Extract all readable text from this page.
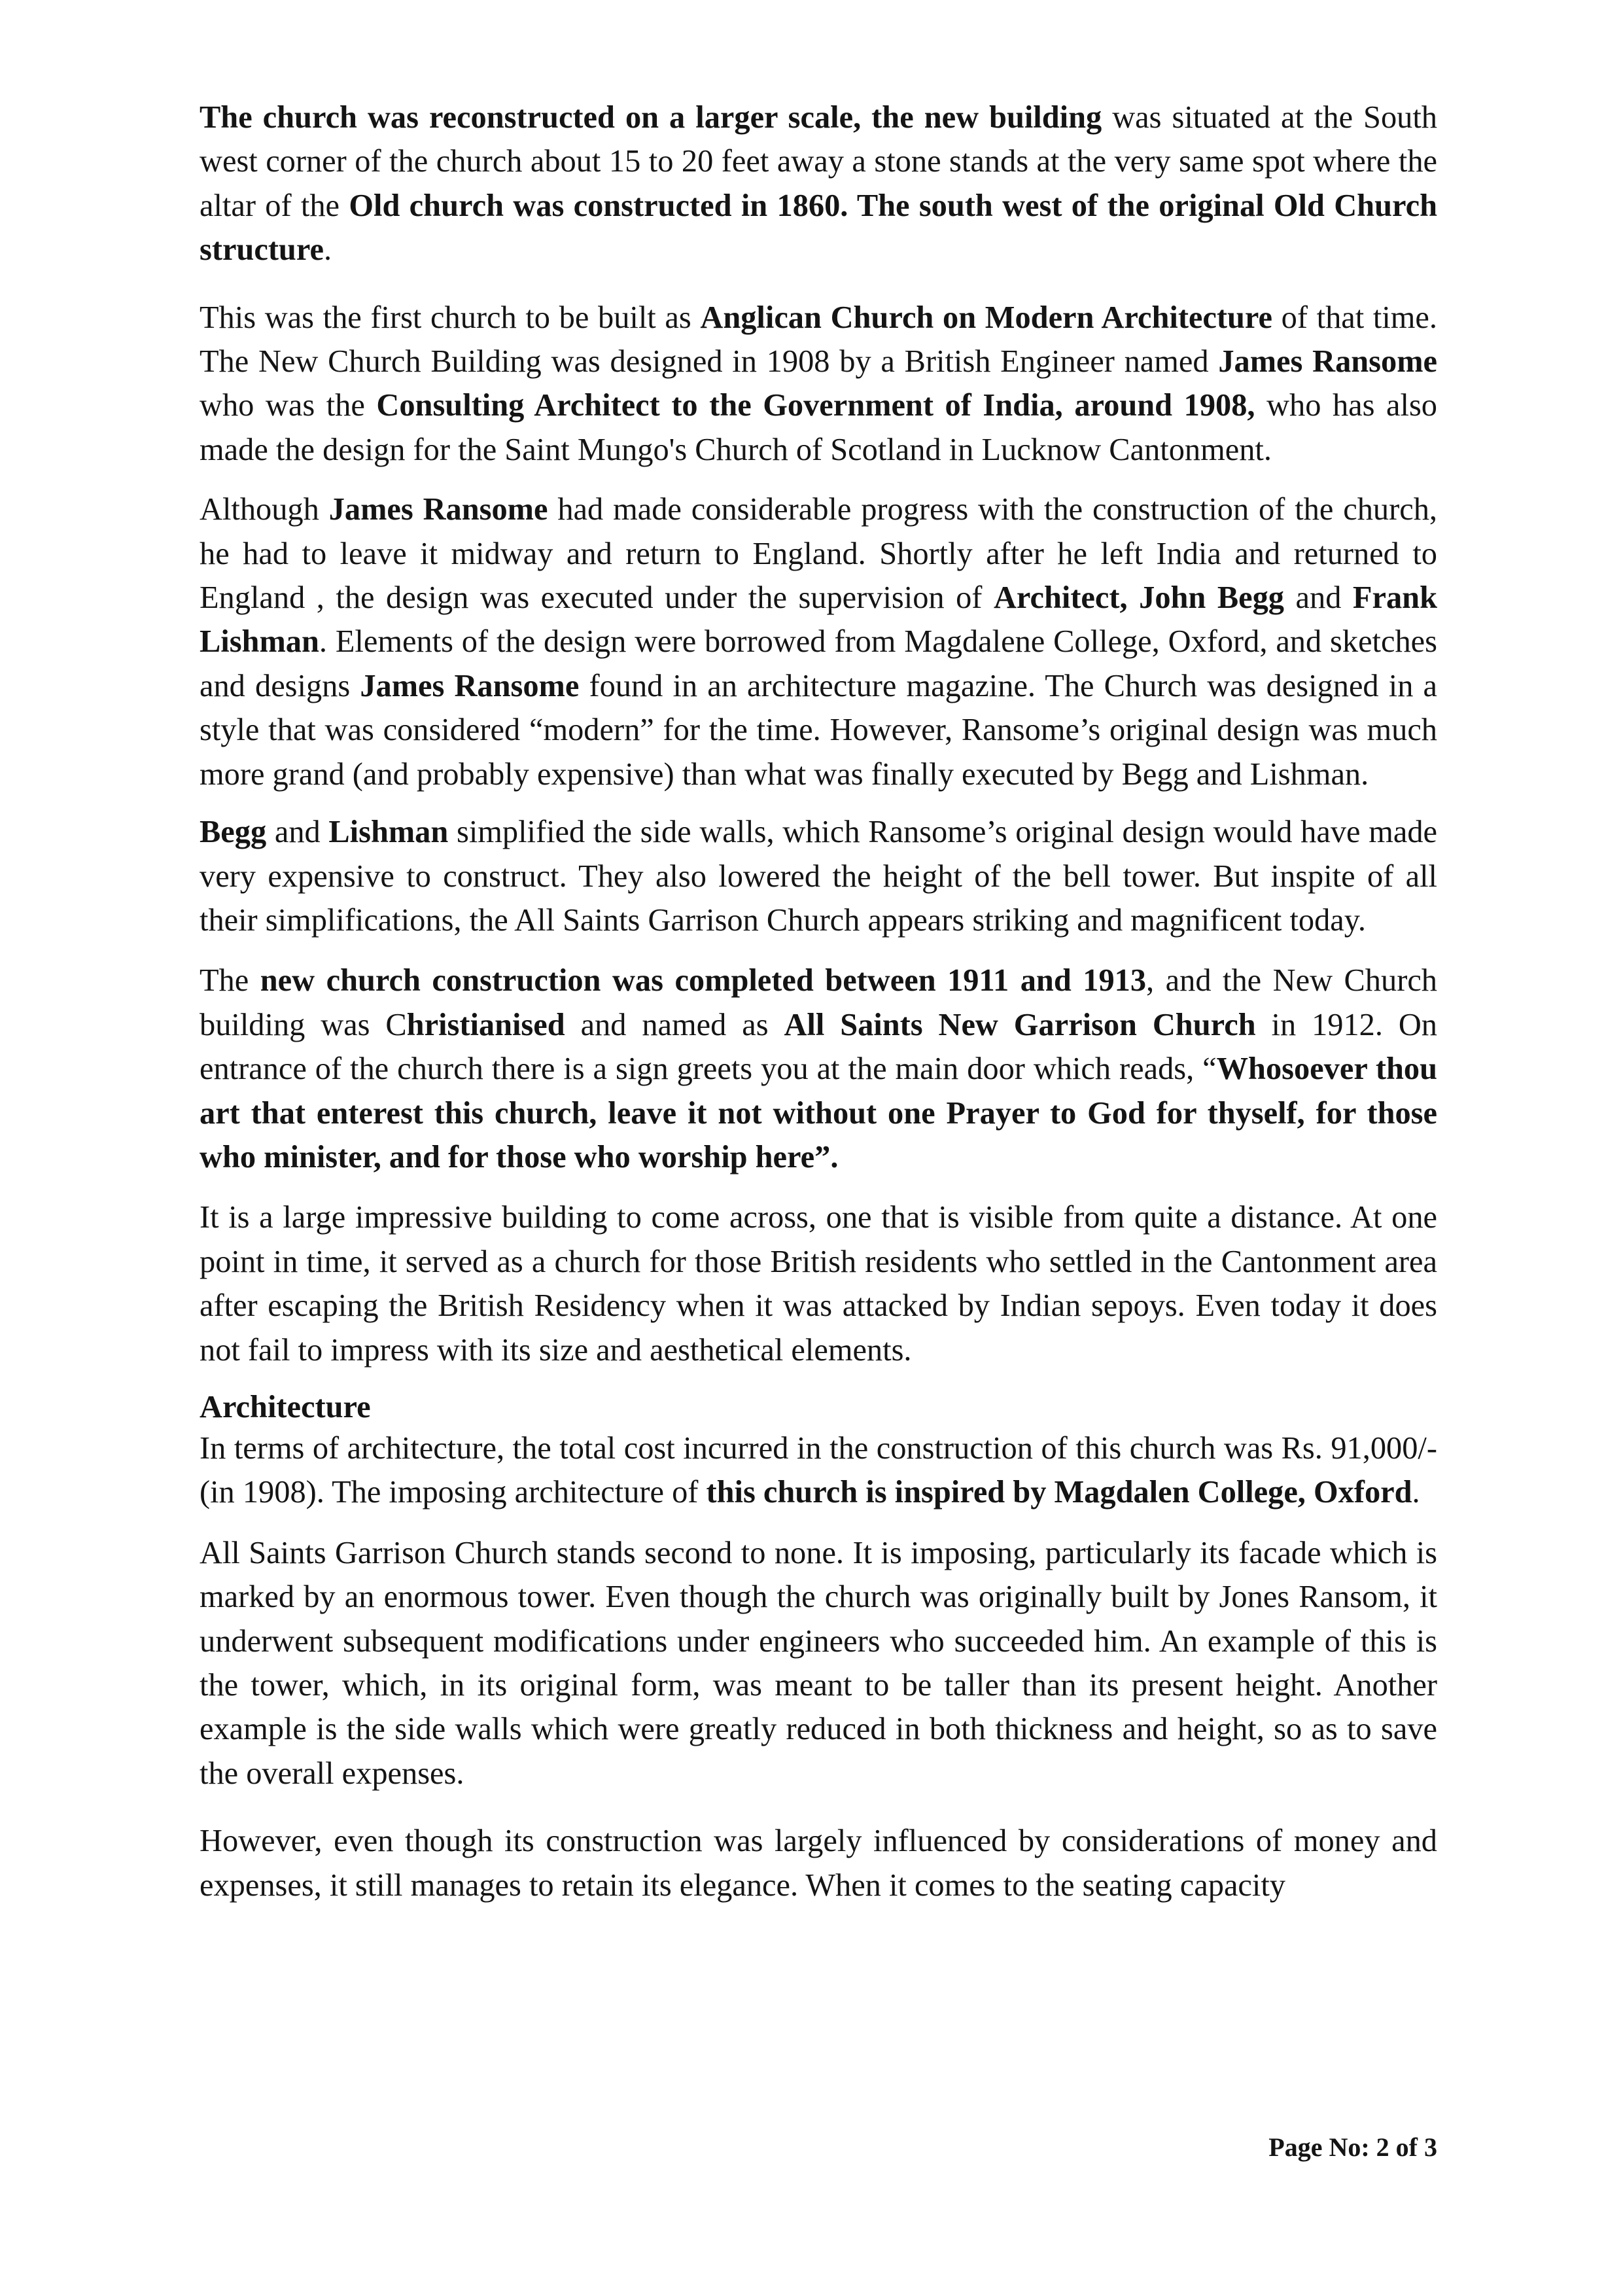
The church was reconstructed on a larger scale, the new building was situated at the South west corner of the church about 15 to 20 feet away a stone stands at the very same spot where the altar of the Old church was constructed in 1860. The south west of the original Old Church structure.

This was the first church to be built as Anglican Church on Modern Architecture of that time. The New Church Building was designed in 1908 by a British Engineer named James Ransome who was the Consulting Architect to the Government of India, around 1908, who has also made the design for the Saint Mungo's Church of Scotland in Lucknow Cantonment.

Although James Ransome had made considerable progress with the construction of the church, he had to leave it midway and return to England. Shortly after he left India and returned to England , the design was executed under the supervision of Architect, John Begg and Frank Lishman. Elements of the design were borrowed from Magdalene College, Oxford, and sketches and designs James Ransome found in an architecture magazine. The Church was designed in a style that was considered “modern” for the time. However, Ransome’s original design was much more grand (and probably expensive) than what was finally executed by Begg and Lishman.

Begg and Lishman simplified the side walls, which Ransome’s original design would have made very expensive to construct. They also lowered the height of the bell tower. But inspite of all their simplifications, the All Saints Garrison Church appears striking and magnificent today.

The new church construction was completed between 1911 and 1913, and the New Church building was Christianised and named as All Saints New Garrison Church in 1912. On entrance of the church there is a sign greets you at the main door which reads, “Whosoever thou art that enterest this church, leave it not without one Prayer to God for thyself, for those who minister, and for those who worship here”.

It is a large impressive building to come across, one that is visible from quite a distance. At one point in time, it served as a church for those British residents who settled in the Cantonment area after escaping the British Residency when it was attacked by Indian sepoys. Even today it does not fail to impress with its size and aesthetical elements.

Architecture

In terms of architecture, the total cost incurred in the construction of this church was Rs. 91,000/- (in 1908). The imposing architecture of this church is inspired by Magdalen College, Oxford.

All Saints Garrison Church stands second to none. It is imposing, particularly its facade which is marked by an enormous tower. Even though the church was originally built by Jones Ransom, it underwent subsequent modifications under engineers who succeeded him. An example of this is the tower, which, in its original form, was meant to be taller than its present height. Another example is the side walls which were greatly reduced in both thickness and height, so as to save the overall expenses.

However, even though its construction was largely influenced by considerations of money and expenses, it still manages to retain its elegance. When it comes to the seating capacity

Page No: 2 of 3
